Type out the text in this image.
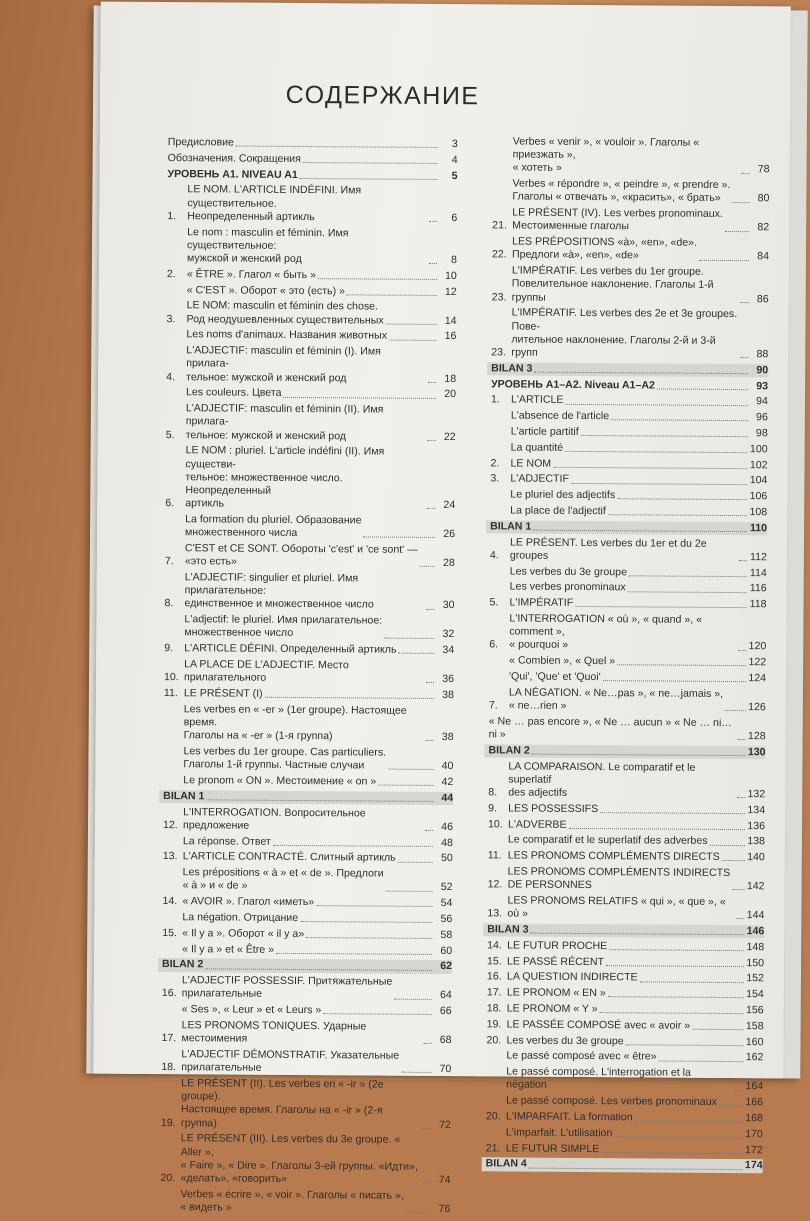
СОДЕРЖАНИЕ
Предисловие	3
Обозначения. Сокращения	4
УРОВЕНЬ А1. NIVEAU A1	5
1.
LE NOM. L'ARTICLE INDÉFINI. Имя существительное.
Неопределенный артикль	6
Le nom : masculin et féminin. Имя существительное:
мужской и женский род	8
2.	« ÊTRE ». Глагол « быть »	10
« C'EST ». Оборот « это (есть) »	12
3.
LE NOM: masculin et féminin des chose.
Род неодушевленных существительных	14
Les noms d'animaux. Названия животных	16
4.
L'ADJECTIF: masculin et féminin (I). Имя прилага-
тельное: мужской и женский род	18
Les couleurs. Цвета	20
5.
L'ADJECTIF: masculin et féminin (II). Имя прилага-
тельное: мужской и женский род	22
6.
LE NOM : pluriel. L'article indéfini (II). Имя существи-
тельное: множественное число. Неопределенный
артикль	24
La formation du pluriel. Образование
множественного числа	26
7.
C'EST et CE SONT. Обороты 'c'est' и 'ce sont' —
«это есть»	28
8.
L'ADJECTIF: singulier et pluriel. Имя прилагательное:
единственное и множественное число	30
L'adjectif: le pluriel. Имя прилагательное:
множественное число	32
9.	L'ARTICLE DÉFINI. Определенный артикль	34
10.
LA PLACE DE L'ADJECTIF. Место прилагательного	36
11. LE PRÉSENT (I)	38
Les verbes en « -er » (1er groupe). Настоящее время.
Глаголы на « -er » (1-я группа)	38
Les verbes du 1er groupe. Cas particuliers.
Глаголы 1-й группы. Частные случаи	40
Le pronom « ON ». Местоимение « on »	42
BILAN 1	44
12.
L'INTERROGATION. Вопросительное предложение	46
La réponse. Ответ	48
13. L'ARTICLE CONTRACTÉ. Слитный артикль	50
Les prépositions « à » et « de ». Предлоги
« à » и « de »	52
14. « AVOIR ». Глагол «иметь»	54
La négation. Отрицание	56
15. « Il y a ». Оборот « il y a»	58
« Il y a » et « Être »	60
BILAN 2	62
16.
L'ADJECTIF POSSESSIF. Притяжательные
прилагательные	64
« Ses », « Leur » et « Leurs »	66
17.
LES PRONOMS TONIQUES. Ударные местоимения	68
18.
L'ADJECTIF DÉMONSTRATIF. Указательные
прилагательные	70
19.
LE PRÉSENT (II). Les verbes en « -ir » (2e groupe).
Настоящее время. Глаголы на « -ir » (2-я группа)	72
20.
LE PRÉSENT (III). Les verbes du 3e groupe. « Aller »,
« Faire », « Dire ». Глаголы 3-ей группы. «Идти»,
«делать», «говорить»	74
Verbes « écrire », « voir ». Глаголы « писать »,
« видеть »	76
Verbes « venir », « vouloir ». Глаголы « приезжать »,
« хотеть »	78
Verbes « répondre », « peindre », « prendre ».
Глаголы « отвечать », «красить», « брать»	80
21.
LE PRÉSENT (IV). Les verbes pronominaux.
Местоименные глаголы	82
22.
LES PRÉPOSITIONS «à», «en», «de».
Предлоги «à», «en», «de»	84
23.
L'IMPÉRATIF. Les verbes du 1er groupe.
Повелительное наклонение. Глаголы 1-й группы	86
23.
L'IMPÉRATIF. Les verbes des 2e et 3e groupes. Пове-
лительное наклонение. Глаголы 2-й и 3-й групп	88
BILAN 3	90
УРОВЕНЬ А1–А2. Niveau A1–A2	93
1.	L'ARTICLE	94
L'absence de l'article	96
L'article partitif	98
La quantité	100
2.	LE NOM	102
3.	L'ADJECTIF	104
Le pluriel des adjectifs	106
La place de l'adjectif	108
BILAN 1	110
4.
LE PRÉSENT. Les verbes du 1er et du 2e groupes	112
Les verbes du 3e groupe	114
Les verbes pronominaux	116
5.	L'IMPÉRATIF	118
6.
L'INTERROGATION « où », « quand », « comment »,
« pourquoi »	120
« Combien », « Quel »	122
'Qui', 'Que' et 'Quoi'	124
7.
LA NÉGATION. « Ne…pas », « ne…jamais »,
« ne…rien »	126
« Ne … pas encore », « Ne … aucun » « Ne … ni…ni »	128
BILAN 2	130
8.
LA COMPARAISON. Le comparatif et le superlatif
des adjectifs	132
9.	LES POSSESSIFS	134
10. L'ADVERBE	136
Le comparatif et le superlatif des adverbes	138
11. LES PRONOMS COMPLÉMENTS DIRECTS	140
12.
LES PRONOMS COMPLÉMENTS INDIRECTS
DE PERSONNES	142
13.
LES PRONOMS RELATIFS « qui », « que », « où »	144
BILAN 3	146
14. LE FUTUR PROCHE	148
15. LE PASSÉ RÉCENT	150
16. LA QUESTION INDIRECTE	152
17. LE PRONOM « EN »	154
18. LE PRONOM « Y »	156
19. LE PASSÉE COMPOSÉ avec « avoir »	158
20. Les verbes du 3e groupe	160
Le passé composé avec « être»	162
Le passé composé. L'interrogation et la négation	164
Le passé composé. Les verbes pronominaux	166
20. L'IMPARFAIT. La formation	168
L'imparfait. L'utilisation	170
21. LE FUTUR SIMPLE	172
BILAN 4	174
